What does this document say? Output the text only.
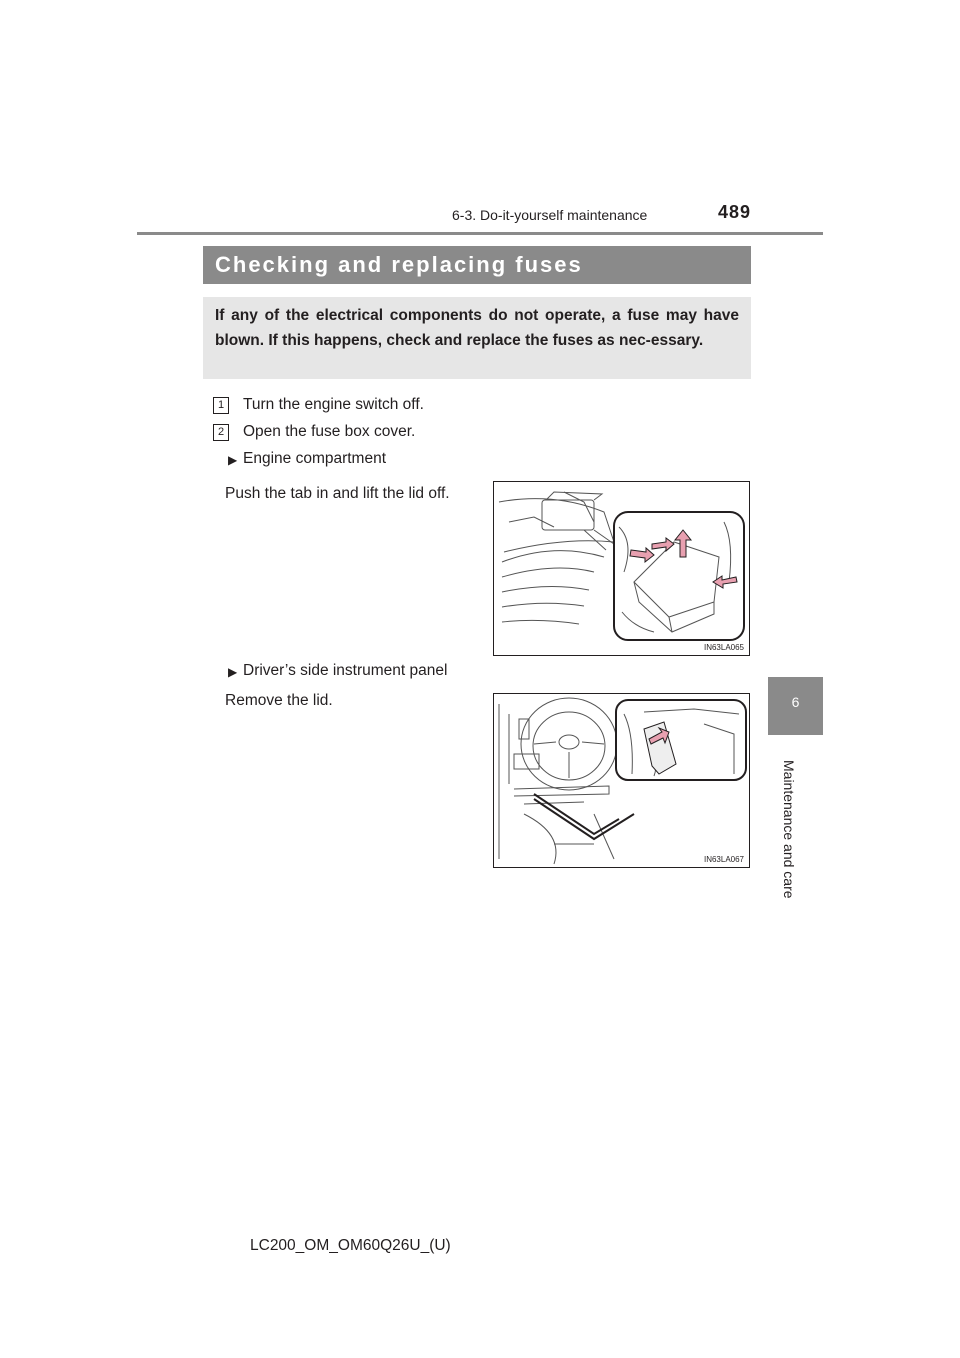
6-3. Do-it-yourself maintenance	489
6
Maintenance and care
Checking and replacing fuses
If any of the electrical components do not operate, a fuse may have blown. If this happens, check and replace the fuses as nec-essary.
1	Turn the engine switch off.
2	Open the fuse box cover.
▶ Engine compartment
Push the tab in and lift the lid off.
IN63LA065
▶ Driver’s side instrument panel
Remove the lid.
IN63LA067
LC200_OM_OM60Q26U_(U)
